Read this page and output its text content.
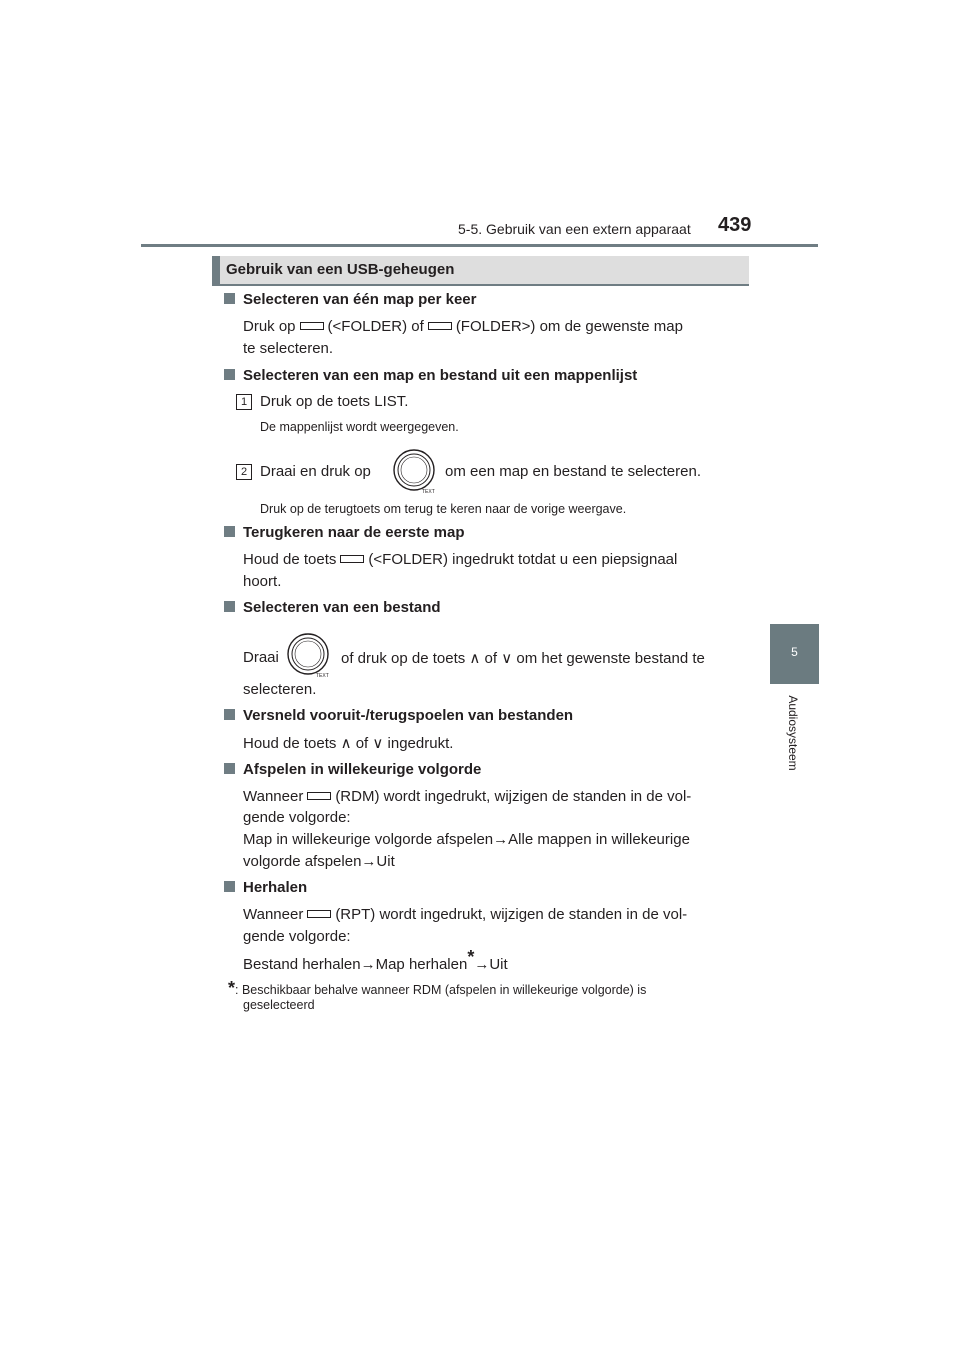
5-5. Gebruik van een extern apparaat 439
5
Audiosysteem
Gebruik van een USB-geheugen
Selecteren van één map per keer
Druk op (<FOLDER) of (FOLDER>) om de gewenste map
te selecteren.
Selecteren van een map en bestand uit een mappenlijst
1 Druk op de toets LIST.
De mappenlijst wordt weergegeven.
2 Draai en druk op
TEXT
om een map en bestand te selecteren.
Druk op de terugtoets om terug te keren naar de vorige weergave.
Terugkeren naar de eerste map
Houd de toets (<FOLDER) ingedrukt totdat u een piepsignaal
hoort.
Selecteren van een bestand
Draai
TEXT
of druk op de toets ∧ of ∨ om het gewenste bestand te
selecteren.
Versneld vooruit-/terugspoelen van bestanden
Houd de toets ∧ of ∨ ingedrukt.
Afspelen in willekeurige volgorde
Wanneer (RDM) wordt ingedrukt, wijzigen de standen in de vol-
gende volgorde:
Map in willekeurige volgorde afspelen→Alle mappen in willekeurige
volgorde afspelen→Uit
Herhalen
Wanneer (RPT) wordt ingedrukt, wijzigen de standen in de vol-
gende volgorde:
Bestand herhalen→Map herhalen*→Uit
*: Beschikbaar behalve wanneer RDM (afspelen in willekeurige volgorde) is
geselecteerd
